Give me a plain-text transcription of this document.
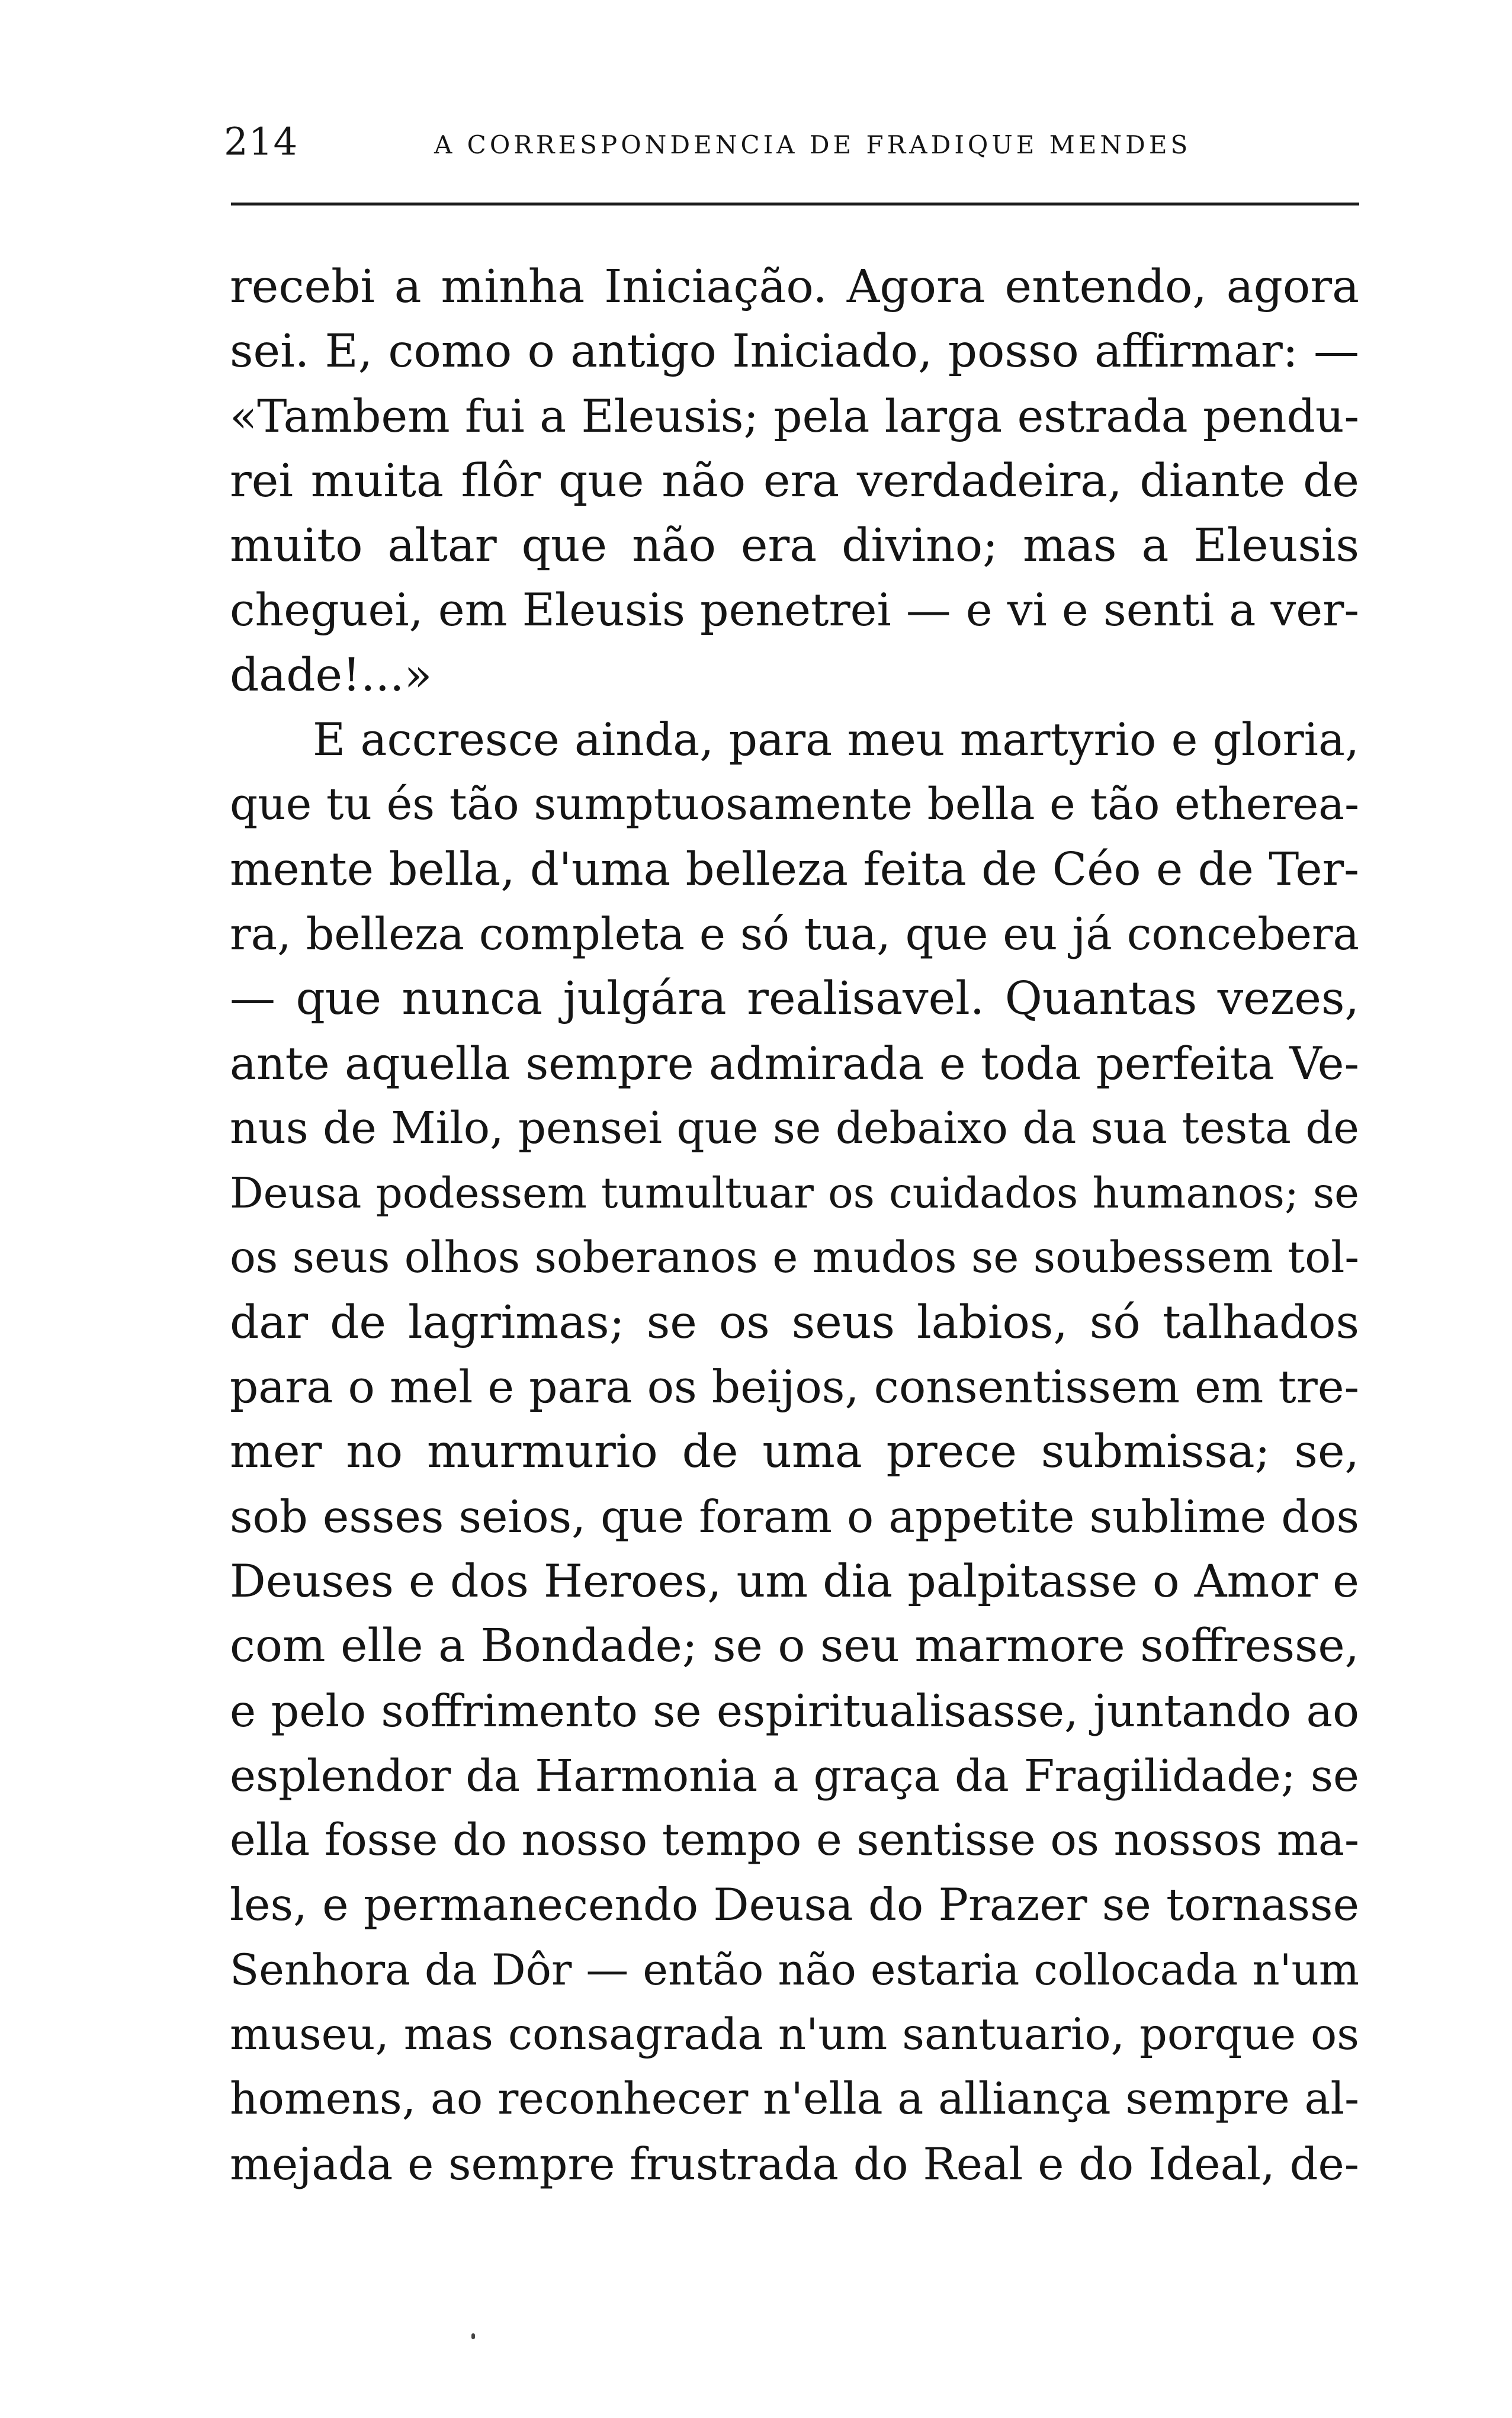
214	A CORRESPONDENCIA DE FRADIQUE MENDES
recebi a minha Iniciação. Agora entendo, agora
sei. E, como o antigo Iniciado, posso affirmar: —
«Tambem fui a Eleusis; pela larga estrada pendu-
rei muita flôr que não era verdadeira, diante de
muito altar que não era divino; mas a Eleusis
cheguei, em Eleusis penetrei — e vi e senti a ver-
dade!...»
E accresce ainda, para meu martyrio e gloria,
que tu és tão sumptuosamente bella e tão etherea-
mente bella, d'uma belleza feita de Céo e de Ter-
ra, belleza completa e só tua, que eu já concebera
— que nunca julgára realisavel. Quantas vezes,
ante aquella sempre admirada e toda perfeita Ve-
nus de Milo, pensei que se debaixo da sua testa de
Deusa podessem tumultuar os cuidados humanos; se
os seus olhos soberanos e mudos se soubessem tol-
dar de lagrimas; se os seus labios, só talhados
para o mel e para os beijos, consentissem em tre-
mer no murmurio de uma prece submissa; se,
sob esses seios, que foram o appetite sublime dos
Deuses e dos Heroes, um dia palpitasse o Amor e
com elle a Bondade; se o seu marmore soffresse,
e pelo soffrimento se espiritualisasse, juntando ao
esplendor da Harmonia a graça da Fragilidade; se
ella fosse do nosso tempo e sentisse os nossos ma-
les, e permanecendo Deusa do Prazer se tornasse
Senhora da Dôr — então não estaria collocada n'um
museu, mas consagrada n'um santuario, porque os
homens, ao reconhecer n'ella a alliança sempre al-
mejada e sempre frustrada do Real e do Ideal, de-
